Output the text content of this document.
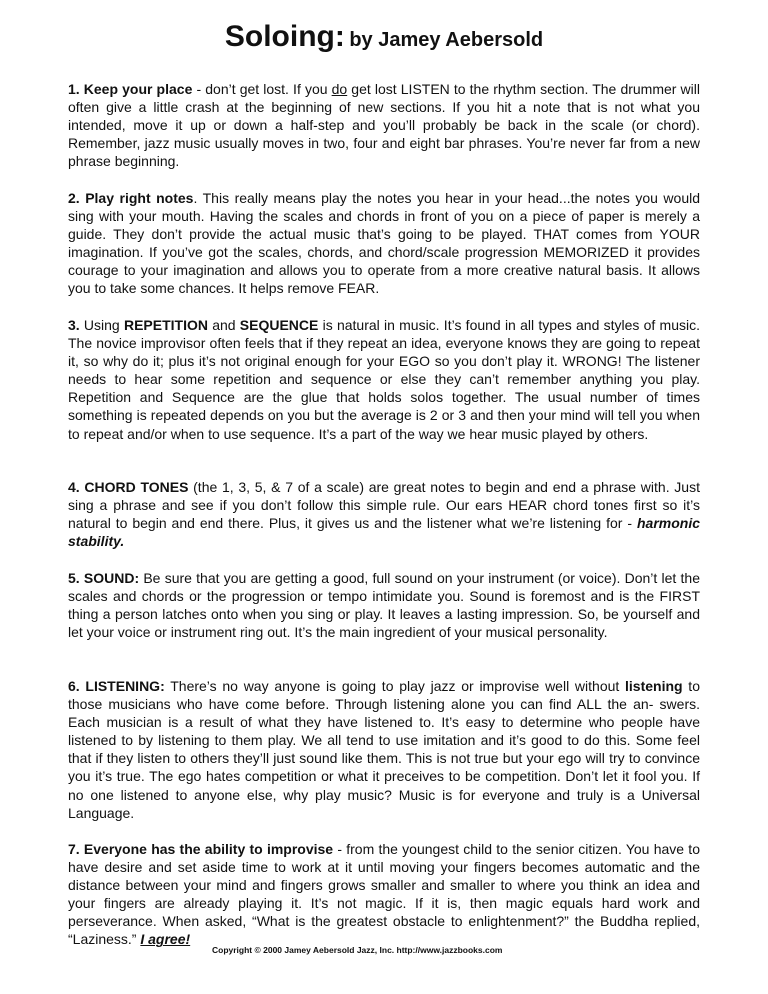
Soloing: by Jamey Aebersold

1. Keep your place - don’t get lost. If you do get lost LISTEN to the rhythm section. The drummer will often give a little crash at the beginning of new sections. If you hit a note that is not what you intended, move it up or down a half-step and you’ll probably be back in the scale (or chord). Remember, jazz music usually moves in two, four and eight bar phrases. You’re never far from a new phrase beginning.

2. Play right notes. This really means play the notes you hear in your head...the notes you would sing with your mouth. Having the scales and chords in front of you on a piece of paper is merely a guide. They don’t provide the actual music that’s going to be played. THAT comes from YOUR imagination. If you’ve got the scales, chords, and chord/scale progression MEMORIZED it provides courage to your imagination and allows you to operate from a more creative natural basis. It allows you to take some chances. It helps remove FEAR.

3. Using REPETITION and SEQUENCE is natural in music. It’s found in all types and styles of music. The novice improvisor often feels that if they repeat an idea, everyone knows they are going to repeat it, so why do it; plus it’s not original enough for your EGO so you don’t play it. WRONG! The listener needs to hear some repetition and sequence or else they can’t remember anything you play. Repetition and Sequence are the glue that holds solos together. The usual number of times something is repeated depends on you but the average is 2 or 3 and then your mind will tell you when to repeat and/or when to use sequence. It’s a part of the way we hear music played by others.

4. CHORD TONES (the 1, 3, 5, & 7 of a scale) are great notes to begin and end a phrase with. Just sing a phrase and see if you don’t follow this simple rule. Our ears HEAR chord tones first so it’s natural to begin and end there. Plus, it gives us and the listener what we’re listening for - harmonic stability.

5. SOUND: Be sure that you are getting a good, full sound on your instrument (or voice). Don’t let the scales and chords or the progression or tempo intimidate you. Sound is foremost and is the FIRST thing a person latches onto when you sing or play. It leaves a lasting impression. So, be yourself and let your voice or instrument ring out. It’s the main ingredient of your musical personality.

6. LISTENING: There’s no way anyone is going to play jazz or improvise well without listening to those musicians who have come before. Through listening alone you can find ALL the an- swers. Each musician is a result of what they have listened to. It’s easy to determine who people have listened to by listening to them play. We all tend to use imitation and it’s good to do this. Some feel that if they listen to others they’ll just sound like them. This is not true but your ego will try to convince you it’s true. The ego hates competition or what it preceives to be competition. Don’t let it fool you. If no one listened to anyone else, why play music? Music is for everyone and truly is a Universal Language.

7. Everyone has the ability to improvise - from the youngest child to the senior citizen. You have to have desire and set aside time to work at it until moving your fingers becomes automatic and the distance between your mind and fingers grows smaller and smaller to where you think an idea and your fingers are already playing it. It’s not magic. If it is, then magic equals hard work and perseverance. When asked, “What is the greatest obstacle to enlightenment?” the Buddha replied, “Laziness.” I agree!

Copyright © 2000 Jamey Aebersold Jazz, Inc. http://www.jazzbooks.com
